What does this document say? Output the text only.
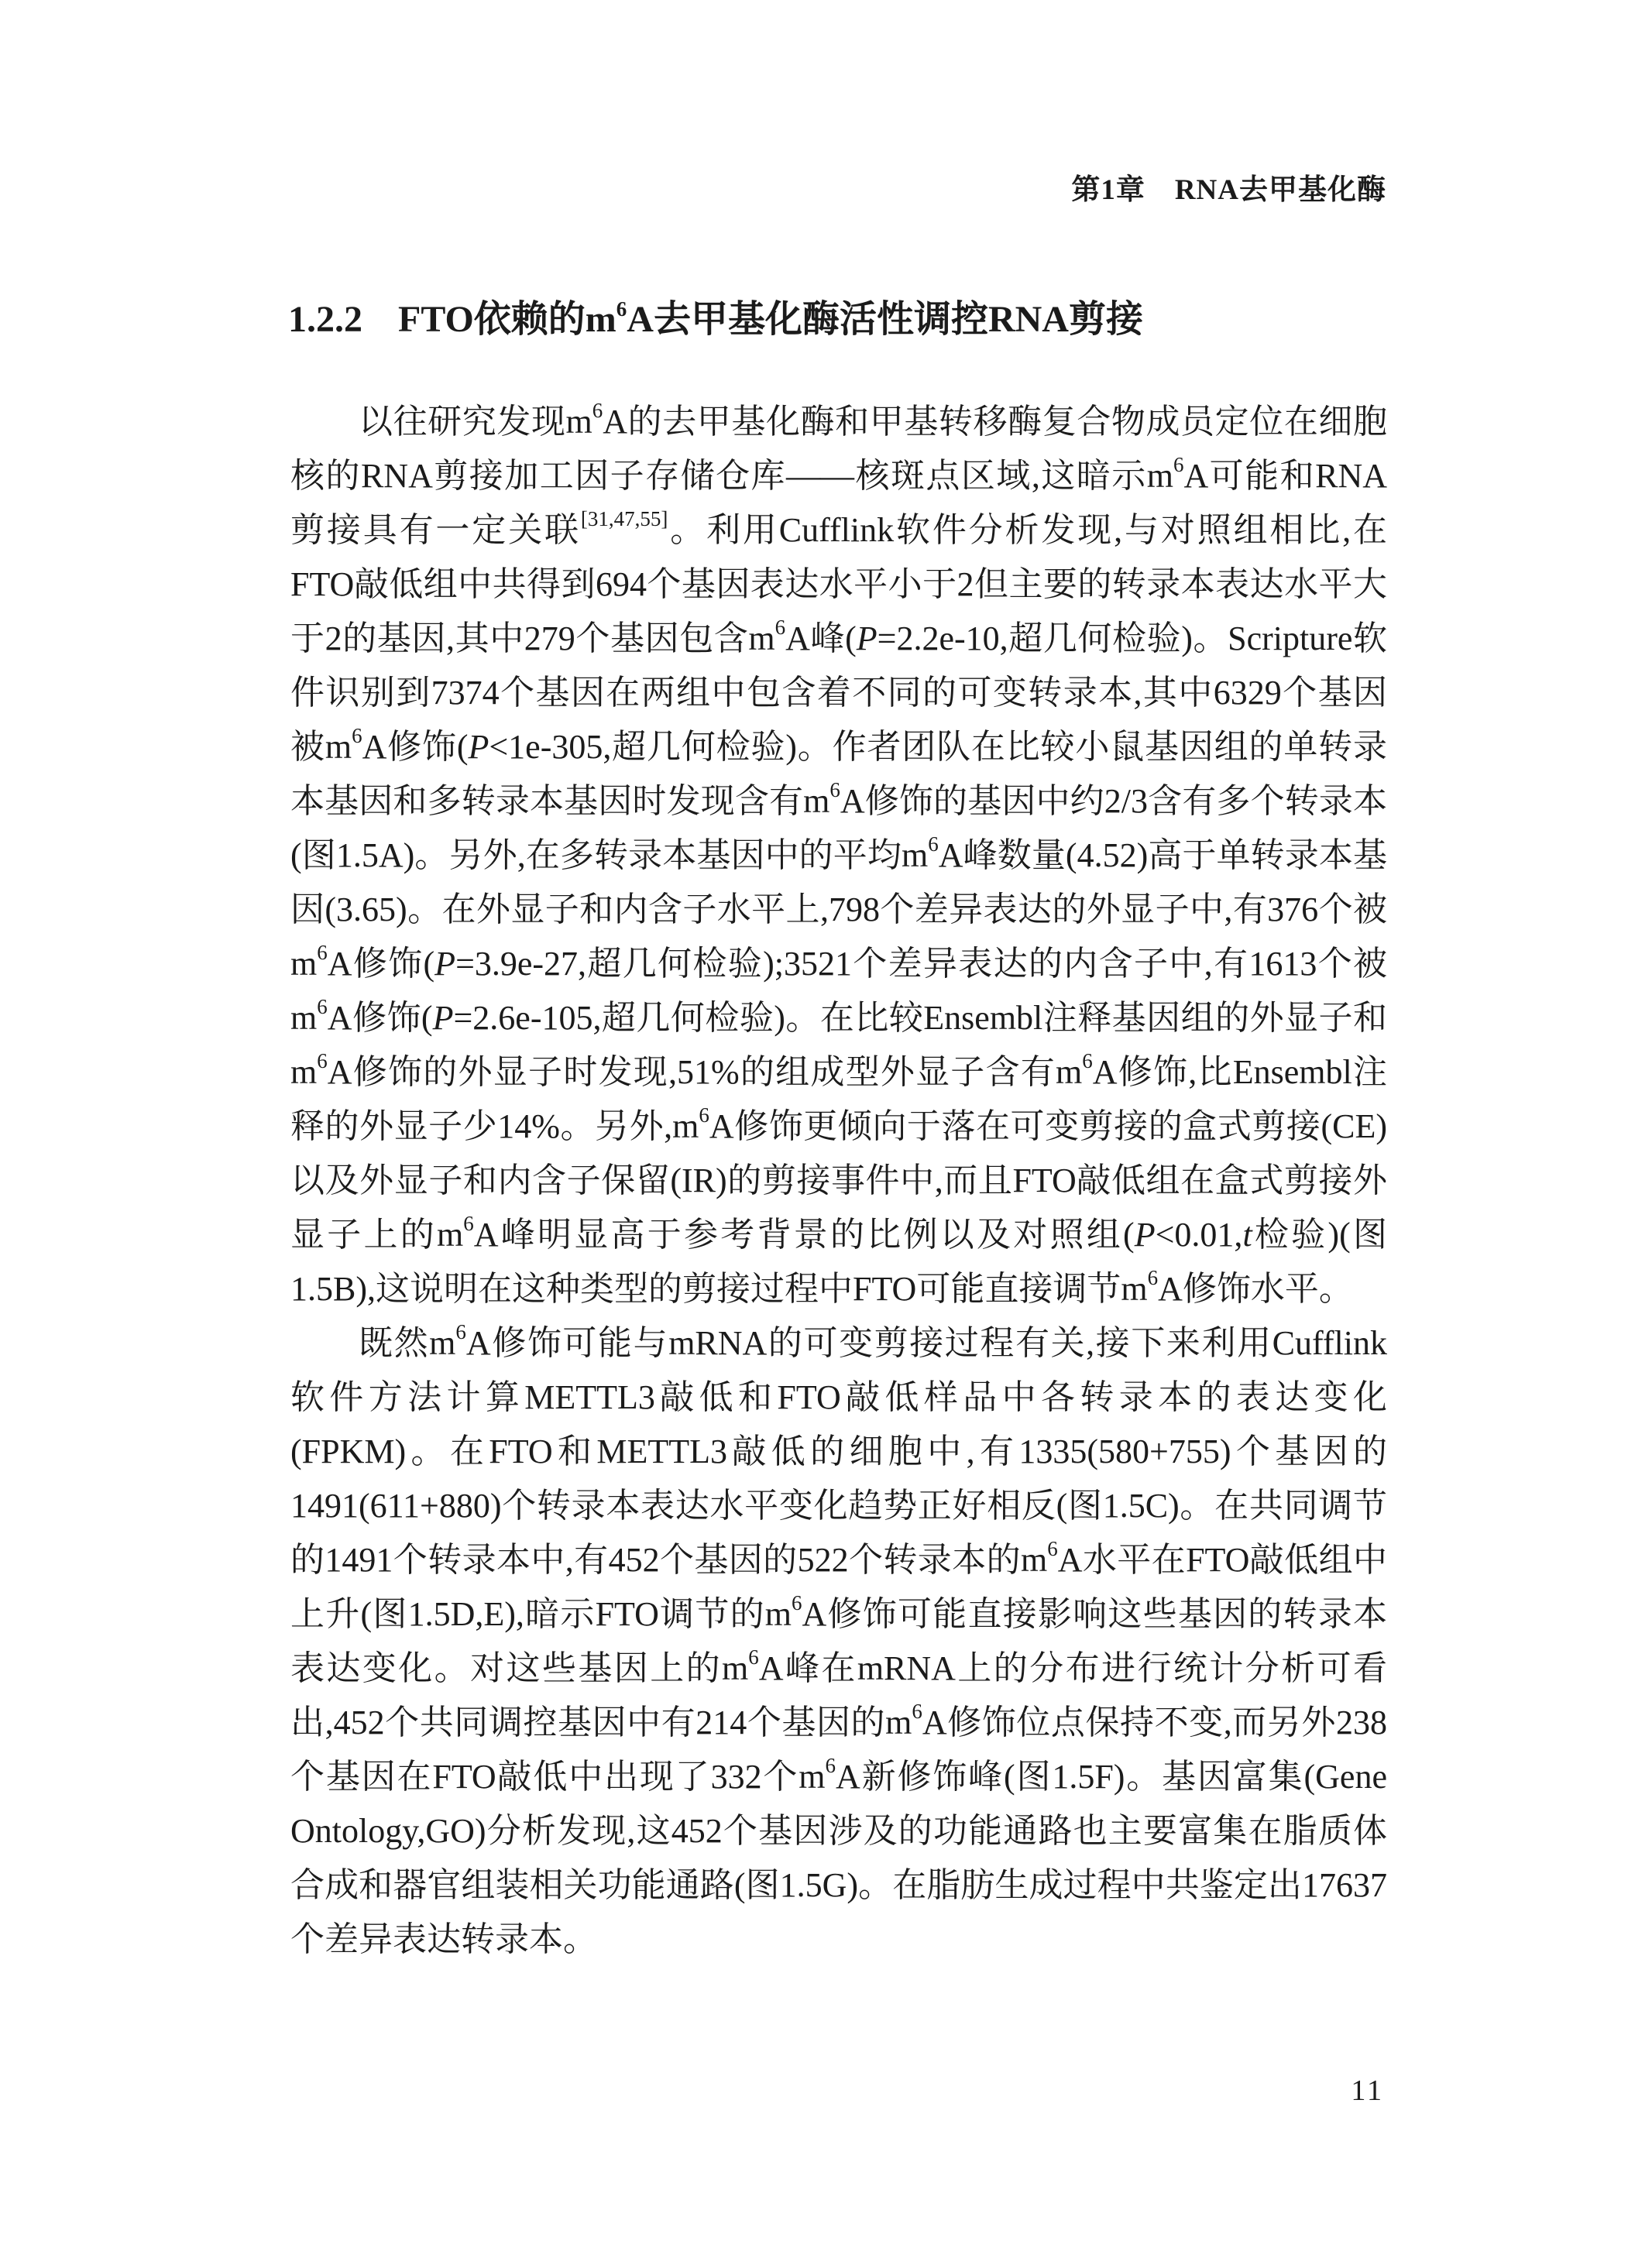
第1章　RNA去甲基化酶
1.2.2 FTO依赖的$m^6A$去甲基化酶活性调控RNA剪接

以往研究发现$m^6A$的去甲基化酶和甲基转移酶复合物成员定位在细胞核的RNA剪接加工因子存储仓库——核斑点区域,这暗示$m^6A$可能和RNA剪接具有一定关联[31,47,55]。利用Cufflink软件分析发现,与对照组相比,在FTO敲低组中共得到694个基因表达水平小于2但主要的转录本表达水平大于2的基因,其中279个基因包含$m^6A$峰(P=2.2e-10,超几何检验)。Scripture软件识别到7374个基因在两组中包含着不同的可变转录本,其中6329个基因被$m^6A$修饰(P<1e-305,超几何检验)。作者团队在比较小鼠基因组的单转录本基因和多转录本基因时发现含有$m^6A$修饰的基因中约2/3含有多个转录本(图1.5A)。另外,在多转录本基因中的平均$m^6A$峰数量(4.52)高于单转录本基因(3.65)。在外显子和内含子水平上,798个差异表达的外显子中,有376个被$m^6A$修饰(P=3.9e-27,超几何检验);3521个差异表达的内含子中,有1613个被$m^6A$修饰(P=2.6e-105,超几何检验)。在比较Ensembl注释基因组的外显子和$m^6A$修饰的外显子时发现,51%的组成型外显子含有$m^6A$修饰,比Ensembl注释的外显子少14%。另外$,m^6A$修饰更倾向于落在可变剪接的盒式剪接(CE)以及外显子和内含子保留(IR)的剪接事件中,而且FTO敲低组在盒式剪接外显子上的$m^6A$峰明显高于参考背景的比例以及对照组(P<0.01,t检验)(图1.5B),这说明在这种类型的剪接过程中FTO可能直接调节$m^6A$修饰水平。

既然$m^6A$修饰可能与mRNA的可变剪接过程有关,接下来利用Cufflink软件方法计算METTL3敲低和FTO敲低样品中各转录本的表达变化(FPKM)。在FTO和METTL3敲低的细胞中,有1335(580+755)个基因的1491(611+880)个转录本表达水平变化趋势正好相反(图1.5C)。在共同调节的1491个转录本中,有452个基因的522个转录本的$m^6A$水平在FTO敲低组中上升(图1.5D,E),暗示FTO调节的$m^6A$修饰可能直接影响这些基因的转录本表达变化。对这些基因上的$m^6A$峰在mRNA上的分布进行统计分析可看出,452个共同调控基因中有214个基因的$m^6A$修饰位点保持不变,而另外238个基因在FTO敲低中出现了332个$m^6A$新修饰峰(图1.5F)。基因富集(Gene Ontology,GO)分析发现,这452个基因涉及的功能通路也主要富集在脂质体合成和器官组装相关功能通路(图1.5G)。在脂肪生成过程中共鉴定出17637个差异表达转录本。

11
